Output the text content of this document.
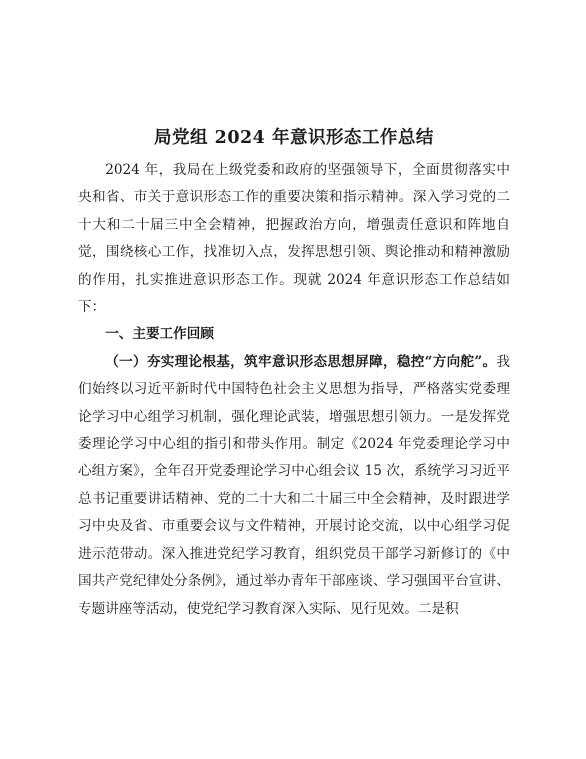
局党组 2024 年意识形态工作总结

2024 年，我局在上级党委和政府的坚强领导下，全面贯彻落实中央和省、市关于意识形态工作的重要决策和指示精神。深入学习党的二十大和二十届三中全会精神，把握政治方向，增强责任意识和阵地自觉，围绕核心工作，找准切入点，发挥思想引领、舆论推动和精神激励的作用，扎实推进意识形态工作。现就 2024 年意识形态工作总结如下：

一、主要工作回顾

（一）夯实理论根基，筑牢意识形态思想屏障，稳控“方向舵”。我们始终以习近平新时代中国特色社会主义思想为指导，严格落实党委理论学习中心组学习机制，强化理论武装，增强思想引领力。一是发挥党委理论学习中心组的指引和带头作用。制定《2024 年党委理论学习中心组方案》，全年召开党委理论学习中心组会议 15 次，系统学习习近平总书记重要讲话精神、党的二十大和二十届三中全会精神，及时跟进学习中央及省、市重要会议与文件精神，开展讨论交流，以中心组学习促进示范带动。深入推进党纪学习教育，组织党员干部学习新修订的《中国共产党纪律处分条例》，通过举办青年干部座谈、学习强国平台宣讲、专题讲座等活动，使党纪学习教育深入实际、见行见效。二是积
